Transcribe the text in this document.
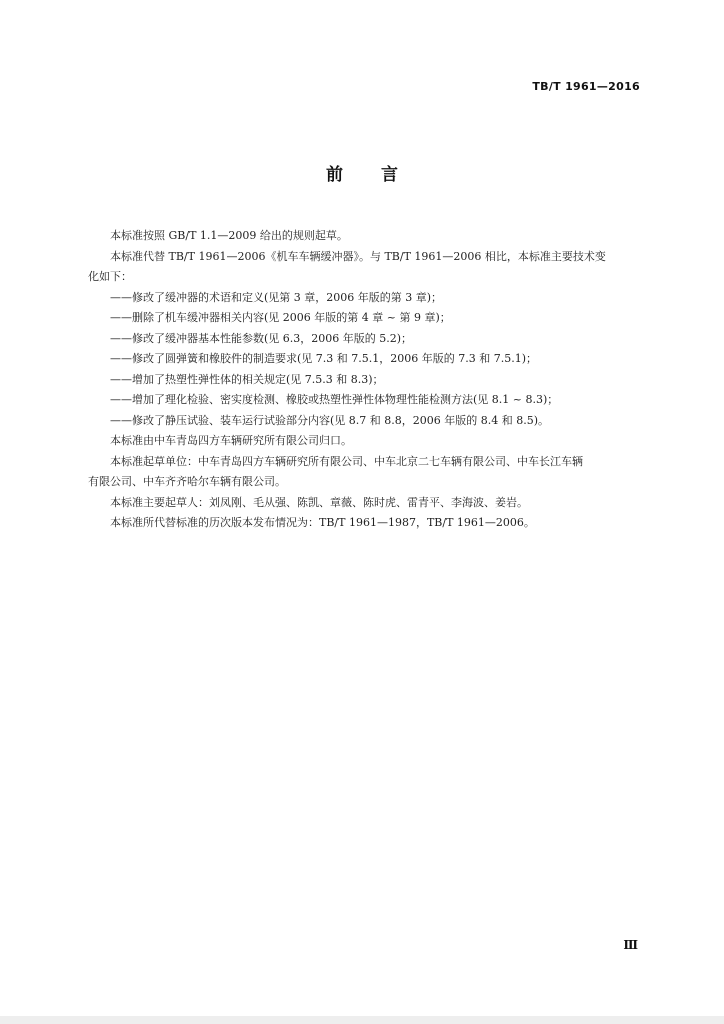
TB/T 1961—2016
前 言

本标准按照 GB/T 1.1—2009 给出的规则起草。

本标准代替 TB/T 1961—2006《机车车辆缓冲器》。与 TB/T 1961—2006 相比，本标准主要技术变

化如下：

——修改了缓冲器的术语和定义(见第 3 章，2006 年版的第 3 章)；

——删除了机车缓冲器相关内容(见 2006 年版的第 4 章 ~ 第 9 章)；

——修改了缓冲器基本性能参数(见 6.3，2006 年版的 5.2)；

——修改了圆弹簧和橡胶件的制造要求(见 7.3 和 7.5.1，2006 年版的 7.3 和 7.5.1)；

——增加了热塑性弹性体的相关规定(见 7.5.3 和 8.3)；

——增加了理化检验、密实度检测、橡胶或热塑性弹性体物理性能检测方法(见 8.1 ~ 8.3)；

——修改了静压试验、装车运行试验部分内容(见 8.7 和 8.8，2006 年版的 8.4 和 8.5)。

本标准由中车青岛四方车辆研究所有限公司归口。

本标准起草单位：中车青岛四方车辆研究所有限公司、中车北京二七车辆有限公司、中车长江车辆

有限公司、中车齐齐哈尔车辆有限公司。

本标准主要起草人：刘凤刚、毛从强、陈凯、章薇、陈时虎、雷青平、李海波、姜岩。

本标准所代替标准的历次版本发布情况为：TB/T 1961—1987，TB/T 1961—2006。

Ⅲ
